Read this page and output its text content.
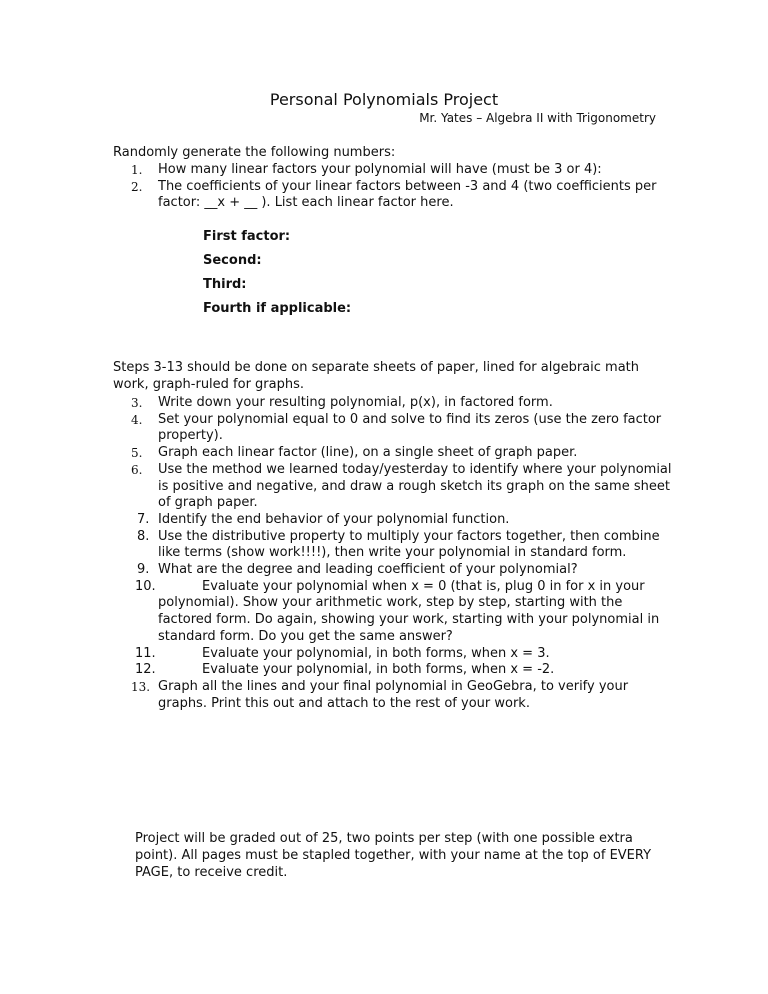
Personal Polynomials Project
Mr. Yates – Algebra II with Trigonometry
Randomly generate the following numbers:
1. How many linear factors your polynomial will have (must be 3 or 4):
2. The coefficients of your linear factors between -3 and 4 (two coefficients per factor: __x + __ ). List each linear factor here.
First factor:
Second:
Third:
Fourth if applicable:
Steps 3-13 should be done on separate sheets of paper, lined for algebraic math work, graph-ruled for graphs.
3. Write down your resulting polynomial, p(x), in factored form.
4. Set your polynomial equal to 0 and solve to find its zeros (use the zero factor property).
5. Graph each linear factor (line), on a single sheet of graph paper.
6. Use the method we learned today/yesterday to identify where your polynomial is positive and negative, and draw a rough sketch its graph on the same sheet of graph paper.
7. Identify the end behavior of your polynomial function.
8. Use the distributive property to multiply your factors together, then combine like terms (show work!!!!), then write your polynomial in standard form.
9. What are the degree and leading coefficient of your polynomial?
10.	Evaluate your polynomial when x = 0 (that is, plug 0 in for x in your polynomial). Show your arithmetic work, step by step, starting with the factored form. Do again, showing your work, starting with your polynomial in standard form. Do you get the same answer?
11.	Evaluate your polynomial, in both forms, when x = 3.
12.	Evaluate your polynomial, in both forms, when x = -2.
13. Graph all the lines and your final polynomial in GeoGebra, to verify your graphs. Print this out and attach to the rest of your work.
Project will be graded out of 25, two points per step (with one possible extra point). All pages must be stapled together, with your name at the top of EVERY PAGE, to receive credit.
